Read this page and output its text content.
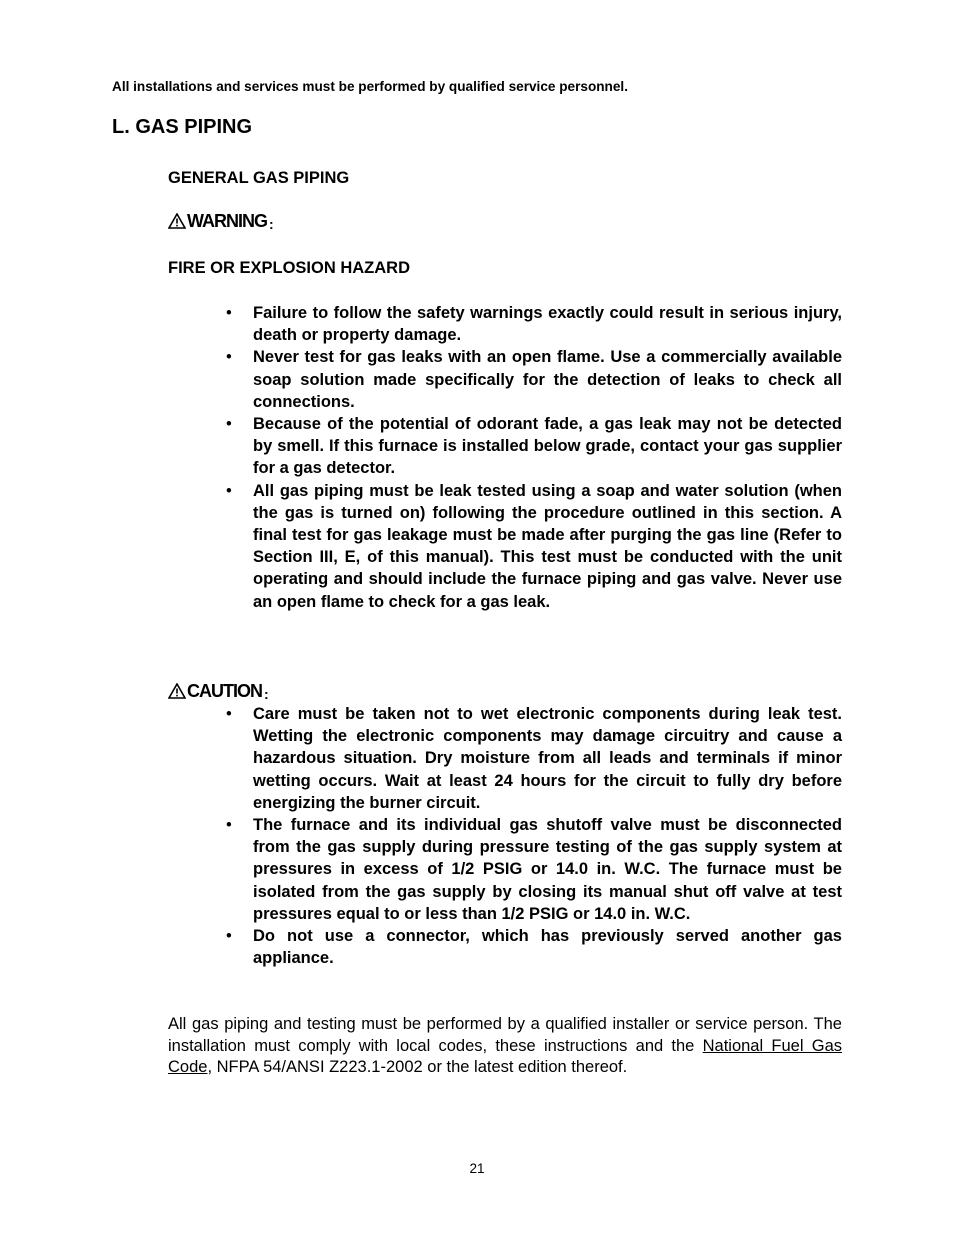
All installations and services must be performed by qualified service personnel.
L. GAS PIPING
GENERAL GAS PIPING
WARNING :
FIRE OR EXPLOSION HAZARD
• Failure to follow the safety warnings exactly could result in serious injury, death or property damage.
• Never test for gas leaks with an open flame. Use a commercially available soap solution made specifically for the detection of leaks to check all connections.
• Because of the potential of odorant fade, a gas leak may not be detected by smell. If this furnace is installed below grade, contact your gas supplier for a gas detector.
• All gas piping must be leak tested using a soap and water solution (when the gas is turned on) following the procedure outlined in this section. A final test for gas leakage must be made after purging the gas line (Refer to Section III, E, of this manual). This test must be conducted with the unit operating and should include the furnace piping and gas valve. Never use an open flame to check for a gas leak.
CAUTION :
• Care must be taken not to wet electronic components during leak test. Wetting the electronic components may damage circuitry and cause a hazardous situation. Dry moisture from all leads and terminals if minor wetting occurs. Wait at least 24 hours for the circuit to fully dry before energizing the burner circuit.
• The furnace and its individual gas shutoff valve must be disconnected from the gas supply during pressure testing of the gas supply system at pressures in excess of 1/2 PSIG or 14.0 in. W.C. The furnace must be isolated from the gas supply by closing its manual shut off valve at test pressures equal to or less than 1/2 PSIG or 14.0 in. W.C.
• Do not use a connector, which has previously served another gas appliance.
All gas piping and testing must be performed by a qualified installer or service person. The installation must comply with local codes, these instructions and the National Fuel Gas Code, NFPA 54/ANSI Z223.1-2002 or the latest edition thereof.
21
